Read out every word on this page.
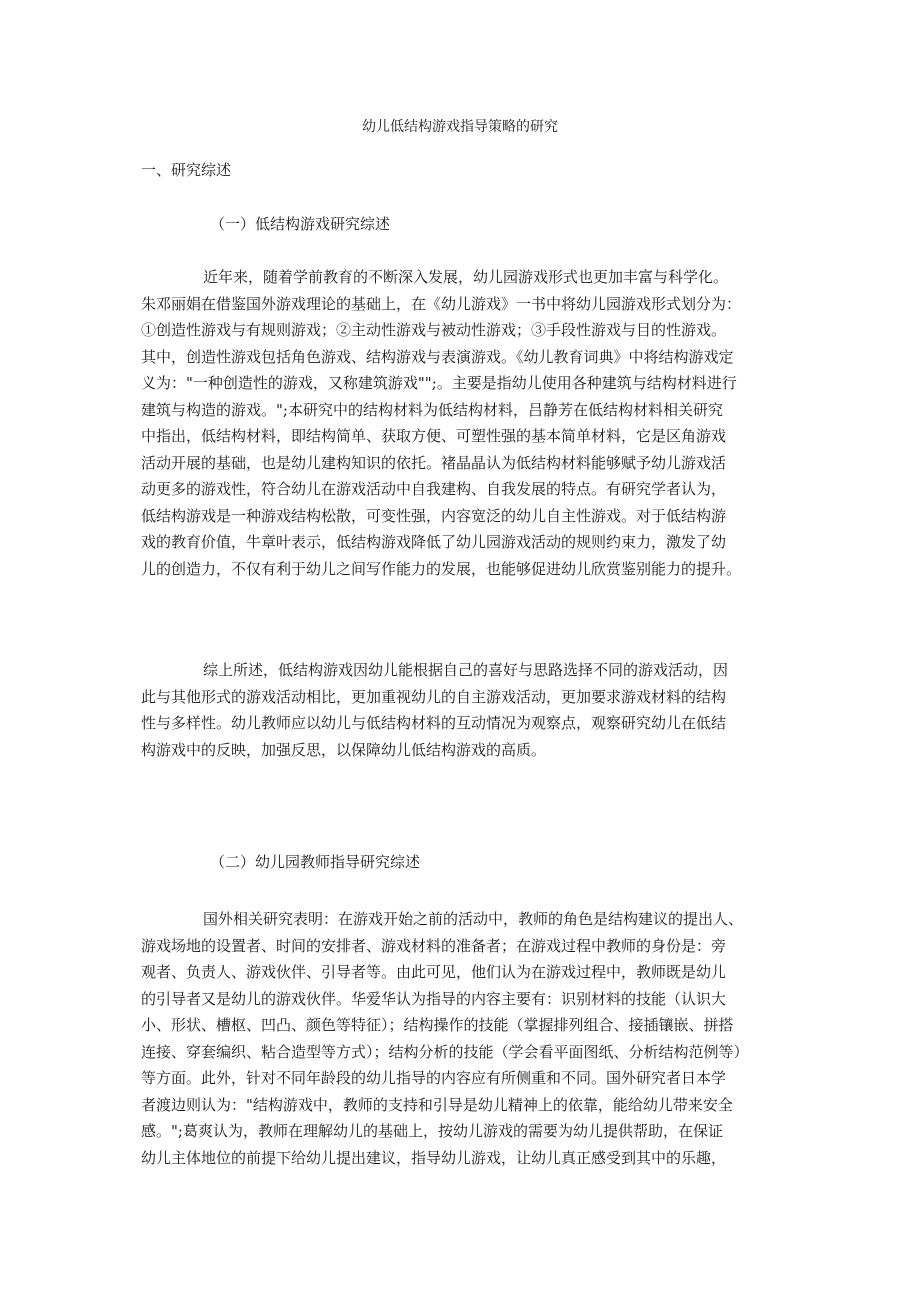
幼儿低结构游戏指导策略的研究
一、研究综述
（一）低结构游戏研究综述
近年来，随着学前教育的不断深入发展，幼儿园游戏形式也更加丰富与科学化。
朱邓丽娟在借鉴国外游戏理论的基础上，在《幼儿游戏》一书中将幼儿园游戏形式划分为：
①创造性游戏与有规则游戏；②主动性游戏与被动性游戏；③手段性游戏与目的性游戏。
其中，创造性游戏包括角色游戏、结构游戏与表演游戏。《幼儿教育词典》中将结构游戏定
义为："一种创造性的游戏，又称建筑游戏"";。主要是指幼儿使用各种建筑与结构材料进行
建筑与构造的游戏。";本研究中的结构材料为低结构材料，吕静芳在低结构材料相关研究
中指出，低结构材料，即结构简单、获取方便、可塑性强的基本简单材料，它是区角游戏
活动开展的基础，也是幼儿建构知识的依托。褚晶晶认为低结构材料能够赋予幼儿游戏活
动更多的游戏性，符合幼儿在游戏活动中自我建构、自我发展的特点。有研究学者认为，
低结构游戏是一种游戏结构松散，可变性强，内容宽泛的幼儿自主性游戏。对于低结构游
戏的教育价值，牛章叶表示，低结构游戏降低了幼儿园游戏活动的规则约束力，激发了幼
儿的创造力，不仅有利于幼儿之间写作能力的发展，也能够促进幼儿欣赏鉴别能力的提升。
综上所述，低结构游戏因幼儿能根据自己的喜好与思路选择不同的游戏活动，因
此与其他形式的游戏活动相比，更加重视幼儿的自主游戏活动，更加要求游戏材料的结构
性与多样性。幼儿教师应以幼儿与低结构材料的互动情况为观察点，观察研究幼儿在低结
构游戏中的反映，加强反思，以保障幼儿低结构游戏的高质。
（二）幼儿园教师指导研究综述
国外相关研究表明：在游戏开始之前的活动中，教师的角色是结构建议的提出人、
游戏场地的设置者、时间的安排者、游戏材料的准备者；在游戏过程中教师的身份是：旁
观者、负责人、游戏伙伴、引导者等。由此可见，他们认为在游戏过程中，教师既是幼儿
的引导者又是幼儿的游戏伙伴。华爱华认为指导的内容主要有：识别材料的技能（认识大
小、形状、槽枢、凹凸、颜色等特征）；结构操作的技能（掌握排列组合、接插镶嵌、拼搭
连接、穿套编织、粘合造型等方式）；结构分析的技能（学会看平面图纸、分析结构范例等）
等方面。此外，针对不同年龄段的幼儿指导的内容应有所侧重和不同。国外研究者日本学
者渡边则认为："结构游戏中，教师的支持和引导是幼儿精神上的依靠，能给幼儿带来安全
感。";葛爽认为，教师在理解幼儿的基础上，按幼儿游戏的需要为幼儿提供帮助，在保证
幼儿主体地位的前提下给幼儿提出建议，指导幼儿游戏，让幼儿真正感受到其中的乐趣，
